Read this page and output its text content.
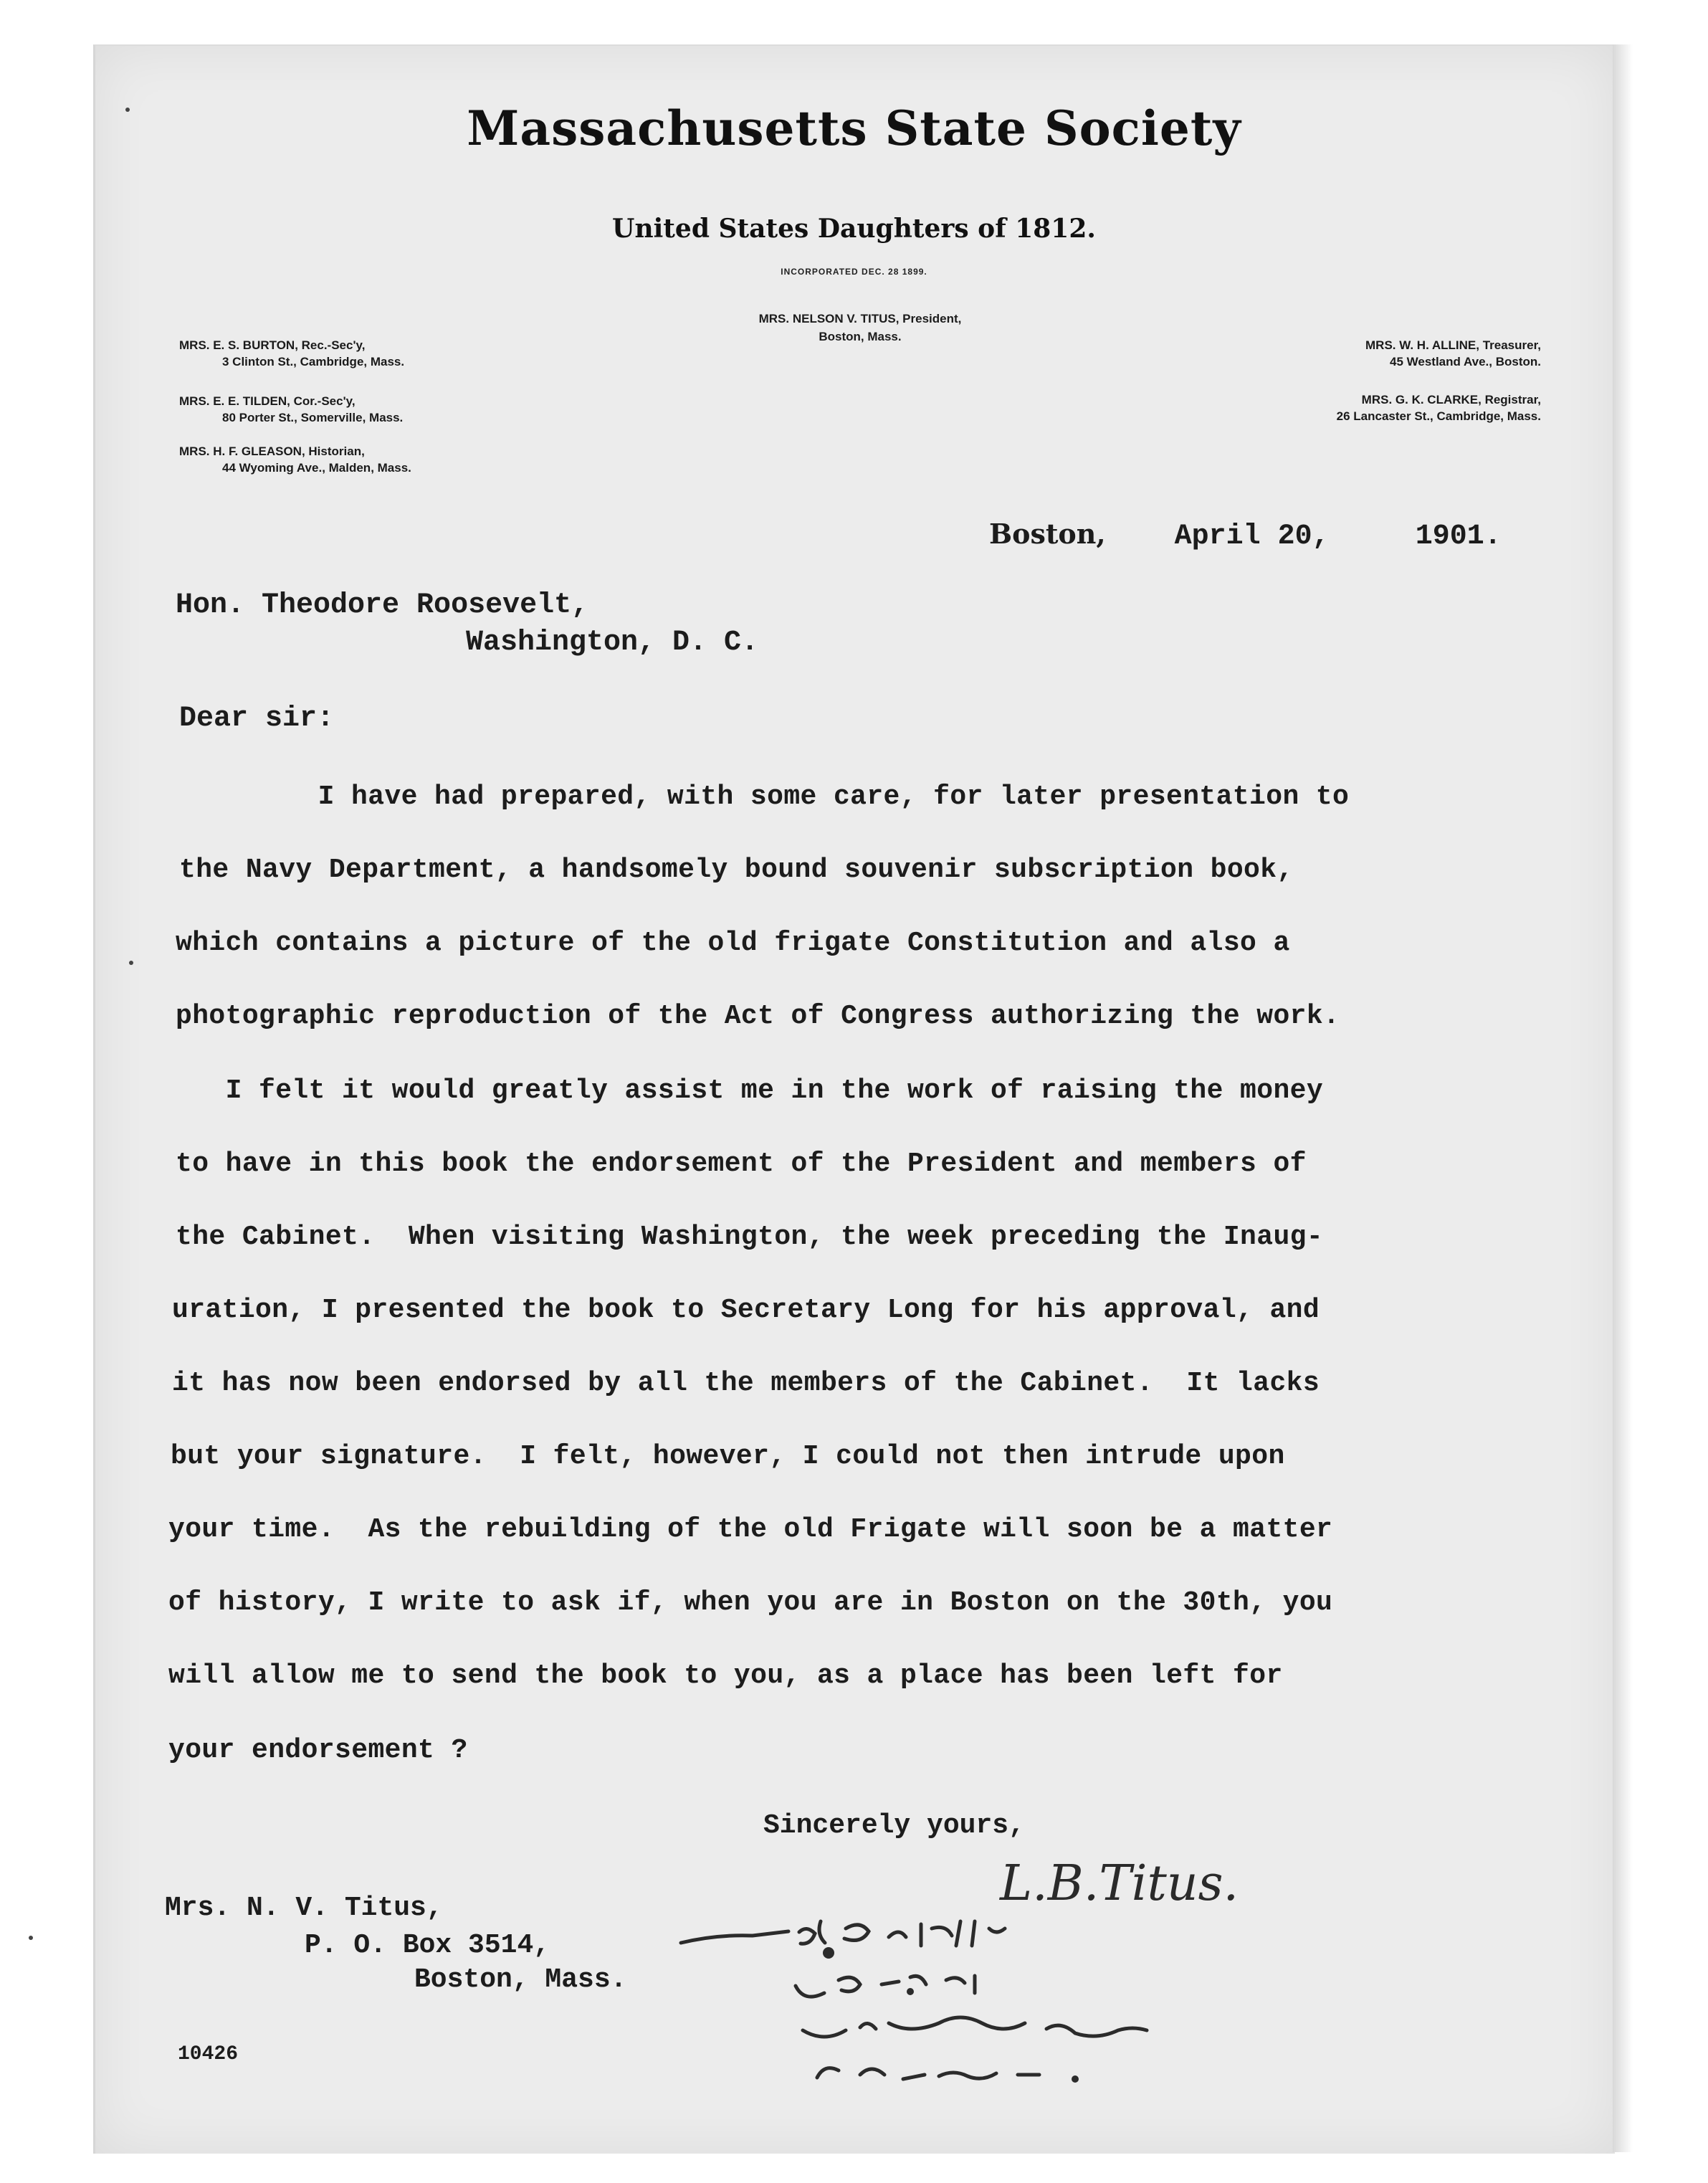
Massachusetts State Society
United States Daughters of 1812.
INCORPORATED DEC. 28 1899.
MRS. NELSON V. TITUS, President,
Boston, Mass.
MRS. E. S. BURTON, Rec.-Sec'y,
3 Clinton St., Cambridge, Mass.
MRS. E. E. TILDEN, Cor.-Sec'y,
80 Porter St., Somerville, Mass.
MRS. H. F. GLEASON, Historian,
44 Wyoming Ave., Malden, Mass.
MRS. W. H. ALLINE, Treasurer,

45 Westland Ave., Boston.
MRS. G. K. CLARKE, Registrar,

26 Lancaster St., Cambridge, Mass.
Boston, April 20,	1901.
Hon. Theodore Roosevelt,
Washington, D. C.
Dear sir:
I have had prepared, with some care, for later presentation to
the Navy Department, a handsomely bound souvenir subscription book,
which contains a picture of the old frigate Constitution and also a
photographic reproduction of the Act of Congress authorizing the work.
I felt it would greatly assist me in the work of raising the money
to have in this book the endorsement of the President and members of
the Cabinet.  When visiting Washington, the week preceding the Inaug-
uration, I presented the book to Secretary Long for his approval, and
it has now been endorsed by all the members of the Cabinet.  It lacks
but your signature.  I felt, however, I could not then intrude upon
your time.  As the rebuilding of the old Frigate will soon be a matter
of history, I write to ask if, when you are in Boston on the 30th, you
will allow me to send the book to you, as a place has been left for
your endorsement ?
Sincerely yours,
L.B.Titus.
Mrs. N. V. Titus,
P. O. Box 3514,
Boston, Mass.
10426
